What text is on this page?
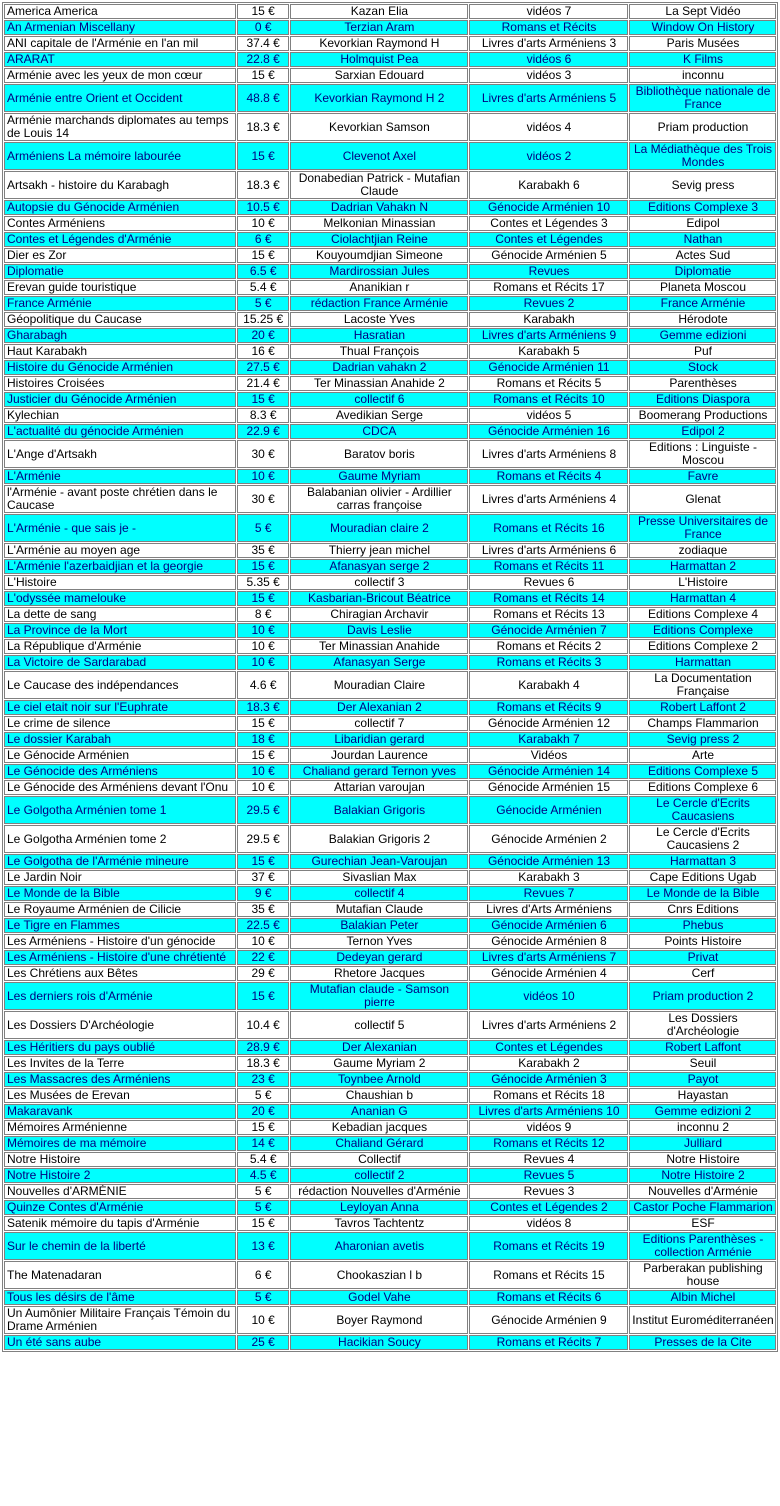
America America	15 €	Kazan Elia	vidéos 7	La Sept Vidéo
An Armenian Miscellany	0 €	Terzian Aram	Romans et Récits	Window On History
ANI capitale de l'Arménie en l'an mil	37.4 €	Kevorkian Raymond H	Livres d'arts Arméniens 3	Paris Musées
ARARAT	22.8 €	Holmquist Pea	vidéos 6	K Films
Arménie avec les yeux de mon cœur	15 €	Sarxian Edouard	vidéos 3	inconnu
Arménie entre Orient et Occident	48.8 €	Kevorkian Raymond H 2	Livres d'arts Arméniens 5	Bibliothèque nationale de France
Arménie marchands diplomates au temps de Louis 14	18.3 €	Kevorkian Samson	vidéos 4	Priam production
Arméniens La mémoire labourée	15 €	Clevenot Axel	vidéos 2	La Médiathèque des Trois Mondes
Artsakh - histoire du Karabagh	18.3 €	Donabedian Patrick - Mutafian Claude	Karabakh 6	Sevig press
Autopsie du Génocide Arménien	10.5 €	Dadrian Vahakn N	Génocide Arménien 10	Editions Complexe 3
Contes Arméniens	10 €	Melkonian Minassian	Contes et Légendes 3	Edipol
Contes et Légendes d'Arménie	6 €	Ciolachtjian Reine	Contes et Légendes	Nathan
Dier es Zor	15 €	Kouyoumdjian Simeone	Génocide Arménien 5	Actes Sud
Diplomatie	6.5 €	Mardirossian Jules	Revues	Diplomatie
Erevan guide touristique	5.4 €	Ananikian r	Romans et Récits 17	Planeta Moscou
France Arménie	5 €	rédaction France Arménie	Revues 2	France Arménie
Géopolitique du Caucase	15.25 €	Lacoste Yves	Karabakh	Hérodote
Gharabagh	20 €	Hasratian	Livres d'arts Arméniens 9	Gemme edizioni
Haut Karabakh	16 €	Thual François	Karabakh 5	Puf
Histoire du Génocide Arménien	27.5 €	Dadrian vahakn 2	Génocide Arménien 11	Stock
Histoires Croisées	21.4 €	Ter Minassian Anahide 2	Romans et Récits 5	Parenthèses
Justicier du Génocide Arménien	15 €	collectif 6	Romans et Récits 10	Editions Diaspora
Kylechian	8.3 €	Avedikian Serge	vidéos 5	Boomerang Productions
L'actualité du génocide Arménien	22.9 €	CDCA	Génocide Arménien 16	Edipol 2
L'Ange d'Artsakh	30 €	Baratov boris	Livres d'arts Arméniens 8	Editions : Linguiste - Moscou
L'Arménie	10 €	Gaume Myriam	Romans et Récits 4	Favre
l'Arménie - avant poste chrétien dans le Caucase	30 €	Balabanian olivier - Ardillier carras françoise	Livres d'arts Arméniens 4	Glenat
L'Arménie - que sais je -	5 €	Mouradian claire 2	Romans et Récits 16	Presse Universitaires de France
L'Arménie au moyen age	35 €	Thierry jean michel	Livres d'arts Arméniens 6	zodiaque
L'Arménie l'azerbaidjian et la georgie	15 €	Afanasyan serge 2	Romans et Récits 11	Harmattan 2
L'Histoire	5.35 €	collectif 3	Revues 6	L'Histoire
L'odyssée mamelouke	15 €	Kasbarian-Bricout Béatrice	Romans et Récits 14	Harmattan 4
La dette de sang	8 €	Chiragian Archavir	Romans et Récits 13	Editions Complexe 4
La Province de la Mort	10 €	Davis Leslie	Génocide Arménien 7	Editions Complexe
La République d'Arménie	10 €	Ter Minassian Anahide	Romans et Récits 2	Editions Complexe 2
La Victoire de Sardarabad	10 €	Afanasyan Serge	Romans et Récits 3	Harmattan
Le Caucase des indépendances	4.6 €	Mouradian Claire	Karabakh 4	La Documentation Française
Le ciel etait noir sur l'Euphrate	18.3 €	Der Alexanian 2	Romans et Récits 9	Robert Laffont 2
Le crime de silence	15 €	collectif 7	Génocide Arménien 12	Champs Flammarion
Le dossier Karabah	18 €	Libaridian gerard	Karabakh 7	Sevig press 2
Le Génocide Arménien	15 €	Jourdan Laurence	Vidéos	Arte
Le Génocide des Arméniens	10 €	Chaliand gerard Ternon yves	Génocide Arménien 14	Editions Complexe 5
Le Génocide des Arméniens devant l'Onu	10 €	Attarian varoujan	Génocide Arménien 15	Editions Complexe 6
Le Golgotha Arménien tome 1	29.5 €	Balakian Grigoris	Génocide Arménien	Le Cercle d'Ecrits Caucasiens
Le Golgotha Arménien tome 2	29.5 €	Balakian Grigoris 2	Génocide Arménien 2	Le Cercle d'Ecrits Caucasiens 2
Le Golgotha de l'Arménie mineure	15 €	Gurechian Jean-Varoujan	Génocide Arménien 13	Harmattan 3
Le Jardin Noir	37 €	Sivaslian Max	Karabakh 3	Cape Editions Ugab
Le Monde de la Bible	9 €	collectif 4	Revues 7	Le Monde de la Bible
Le Royaume Arménien de Cilicie	35 €	Mutafian Claude	Livres d'Arts Arméniens	Cnrs Editions
Le Tigre en Flammes	22.5 €	Balakian Peter	Génocide Arménien 6	Phebus
Les Arméniens - Histoire d'un génocide	10 €	Ternon Yves	Génocide Arménien 8	Points Histoire
Les Arméniens - Histoire d'une chrétienté	22 €	Dedeyan gerard	Livres d'arts Arméniens 7	Privat
Les Chrétiens aux Bêtes	29 €	Rhetore Jacques	Génocide Arménien 4	Cerf
Les derniers rois d'Arménie	15 €	Mutafian claude - Samson pierre	vidéos 10	Priam production 2
Les Dossiers D'Archéologie	10.4 €	collectif 5	Livres d'arts Arméniens 2	Les Dossiers d'Archéologie
Les Héritiers du pays oublié	28.9 €	Der Alexanian	Contes et Légendes	Robert Laffont
Les Invites de la Terre	18.3 €	Gaume Myriam 2	Karabakh 2	Seuil
Les Massacres des Arméniens	23 €	Toynbee Arnold	Génocide Arménien 3	Payot
Les Musées de Erevan	5 €	Chaushian b	Romans et Récits 18	Hayastan
Makaravank	20 €	Ananian G	Livres d'arts Arméniens 10	Gemme edizioni 2
Mémoires Arménienne	15 €	Kebadian jacques	vidéos 9	inconnu 2
Mémoires de ma mémoire	14 €	Chaliand Gérard	Romans et Récits 12	Julliard
Notre Histoire	5.4 €	Collectif	Revues 4	Notre Histoire
Notre Histoire 2	4.5 €	collectif 2	Revues 5	Notre Histoire 2
Nouvelles d'ARMÉNIE	5 €	rédaction Nouvelles d'Arménie	Revues 3	Nouvelles d'Arménie
Quinze Contes d'Arménie	5 €	Leyloyan Anna	Contes et Légendes 2	Castor Poche Flammarion
Satenik mémoire du tapis d'Arménie	15 €	Tavros Tachtentz	vidéos 8	ESF
Sur le chemin de la liberté	13 €	Aharonian avetis	Romans et Récits 19	Editions Parenthèses - collection Arménie
The Matenadaran	6 €	Chookaszian l b	Romans et Récits 15	Parberakan publishing house
Tous les désirs de l'âme	5 €	Godel Vahe	Romans et Récits 6	Albin Michel
Un Aumônier Militaire Français Témoin du Drame Arménien	10 €	Boyer Raymond	Génocide Arménien 9	Institut Euroméditerranéen
Un été sans aube	25 €	Hacikian Soucy	Romans et Récits 7	Presses de la Cite
